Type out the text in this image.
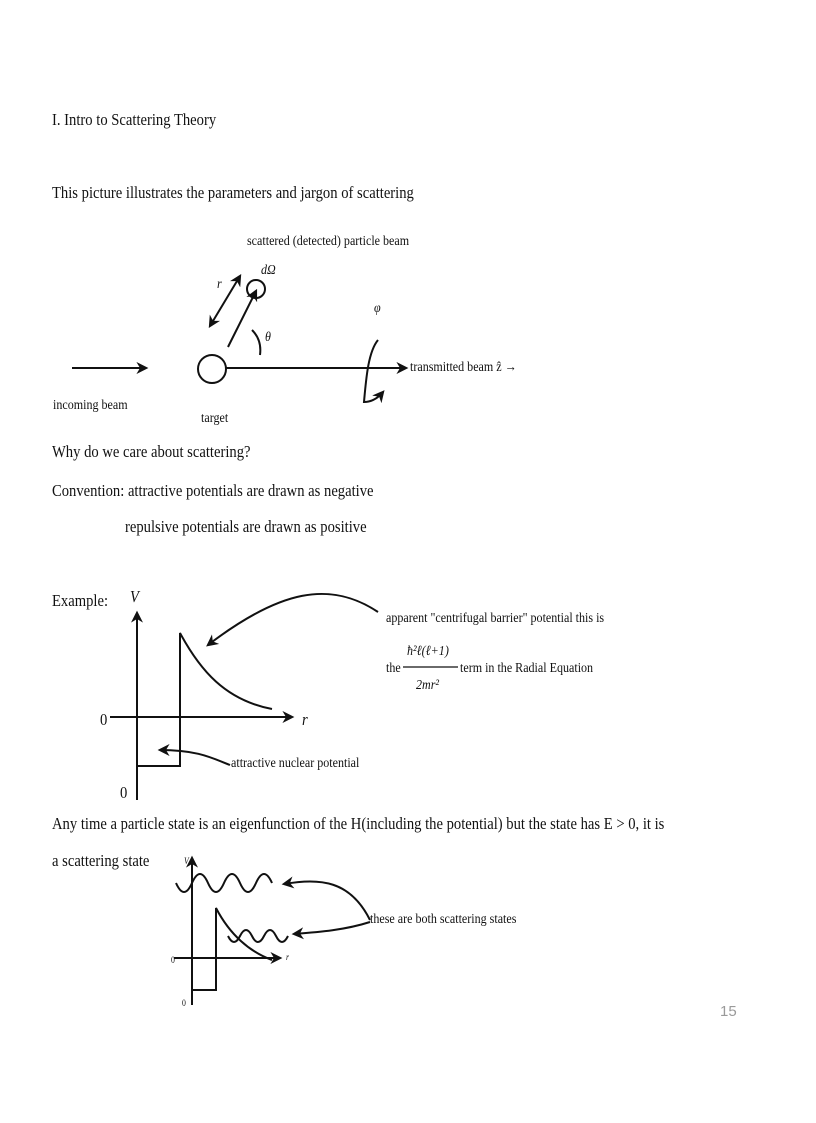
I. Intro to Scattering Theory
This picture illustrates the parameters and jargon of scattering
scattered (detected) particle beam
dΩ
r
θ
φ
transmitted beam ẑ →
incoming beam
target
Why do we care about scattering?
Convention: attractive potentials are drawn as negative
repulsive potentials are drawn as positive
Example: V
r
0
0
apparent "centrifugal barrier" potential this is
the
ħ²ℓ(ℓ+1)
2mr²
term in the Radial Equation
attractive nuclear potential
Any time a particle state is an eigenfunction of the H(including the potential) but the state has E > 0, it is
a scattering state	V
r
0
0
these are both scattering states
15
